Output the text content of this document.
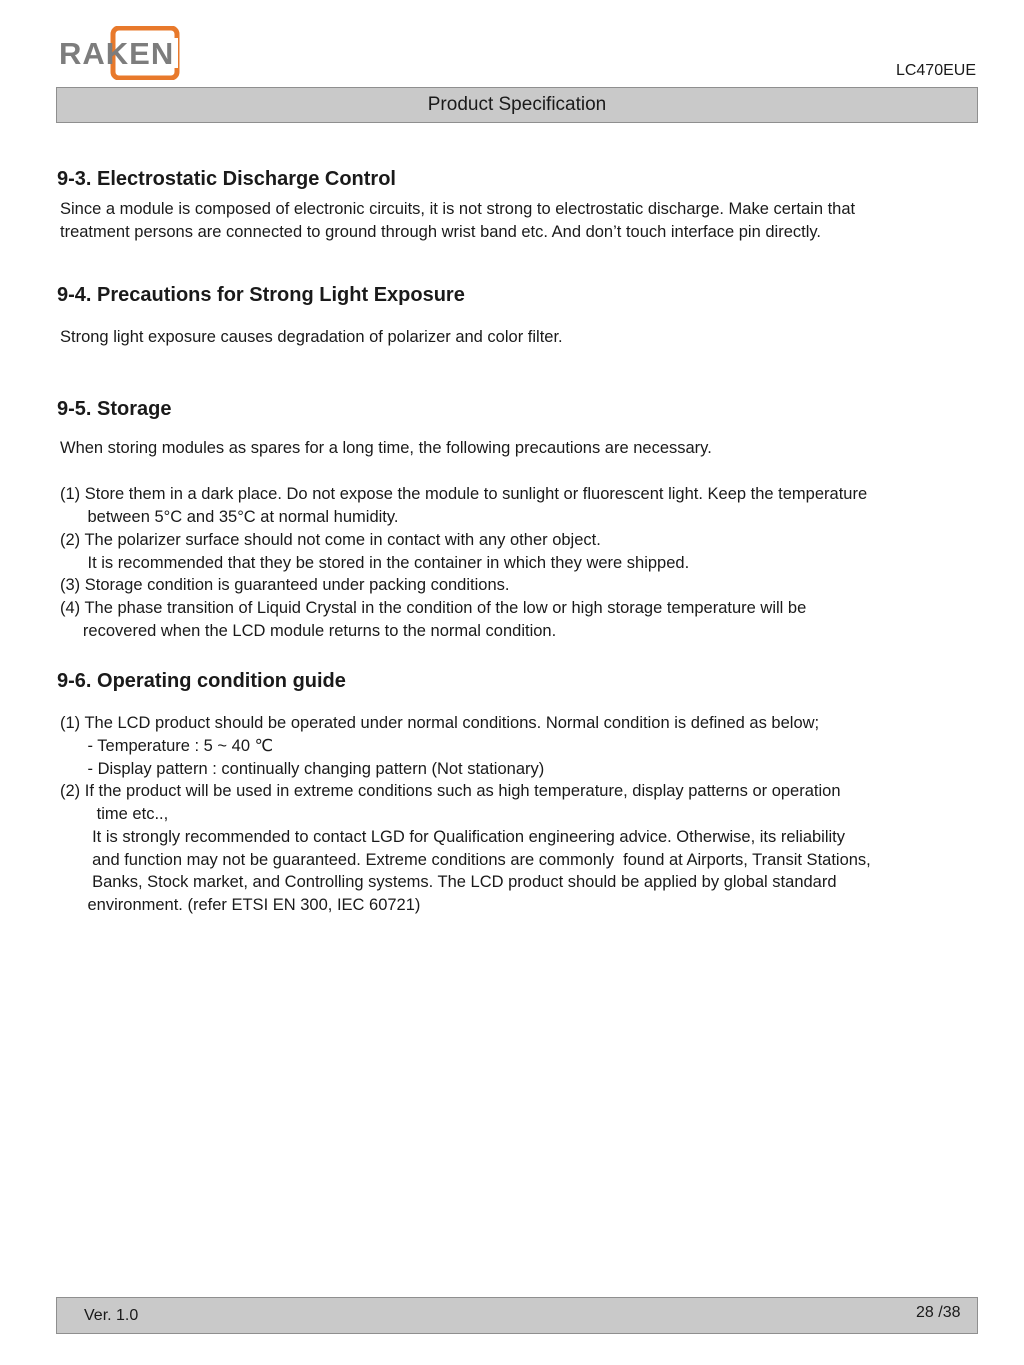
RAKEN	LC470EUE
Product Specification
9-3. Electrostatic Discharge Control
Since a module is composed of electronic circuits, it is not strong to electrostatic discharge. Make certain that
treatment persons are connected to ground through wrist band etc. And don’t touch interface pin directly.
9-4. Precautions for Strong Light Exposure
Strong light exposure causes degradation of polarizer and color filter.
9-5. Storage
When storing modules as spares for a long time, the following precautions are necessary.
(1) Store them in a dark place. Do not expose the module to sunlight or fluorescent light. Keep the temperature
between 5°C and 35°C at normal humidity.
(2) The polarizer surface should not come in contact with any other object.
It is recommended that they be stored in the container in which they were shipped.
(3) Storage condition is guaranteed under packing conditions.
(4) The phase transition of Liquid Crystal in the condition of the low or high storage temperature will be
recovered when the LCD module returns to the normal condition.
9-6. Operating condition guide
(1) The LCD product should be operated under normal conditions. Normal condition is defined as below;
- Temperature : 5 ~ 40 ℃
- Display pattern : continually changing pattern (Not stationary)
(2) If the product will be used in extreme conditions such as high temperature, display patterns or operation
time etc..,
It is strongly recommended to contact LGD for Qualification engineering advice. Otherwise, its reliability
and function may not be guaranteed. Extreme conditions are commonly  found at Airports, Transit Stations,
Banks, Stock market, and Controlling systems. The LCD product should be applied by global standard
environment. (refer ETSI EN 300, IEC 60721)
Ver. 1.0	28 /38
